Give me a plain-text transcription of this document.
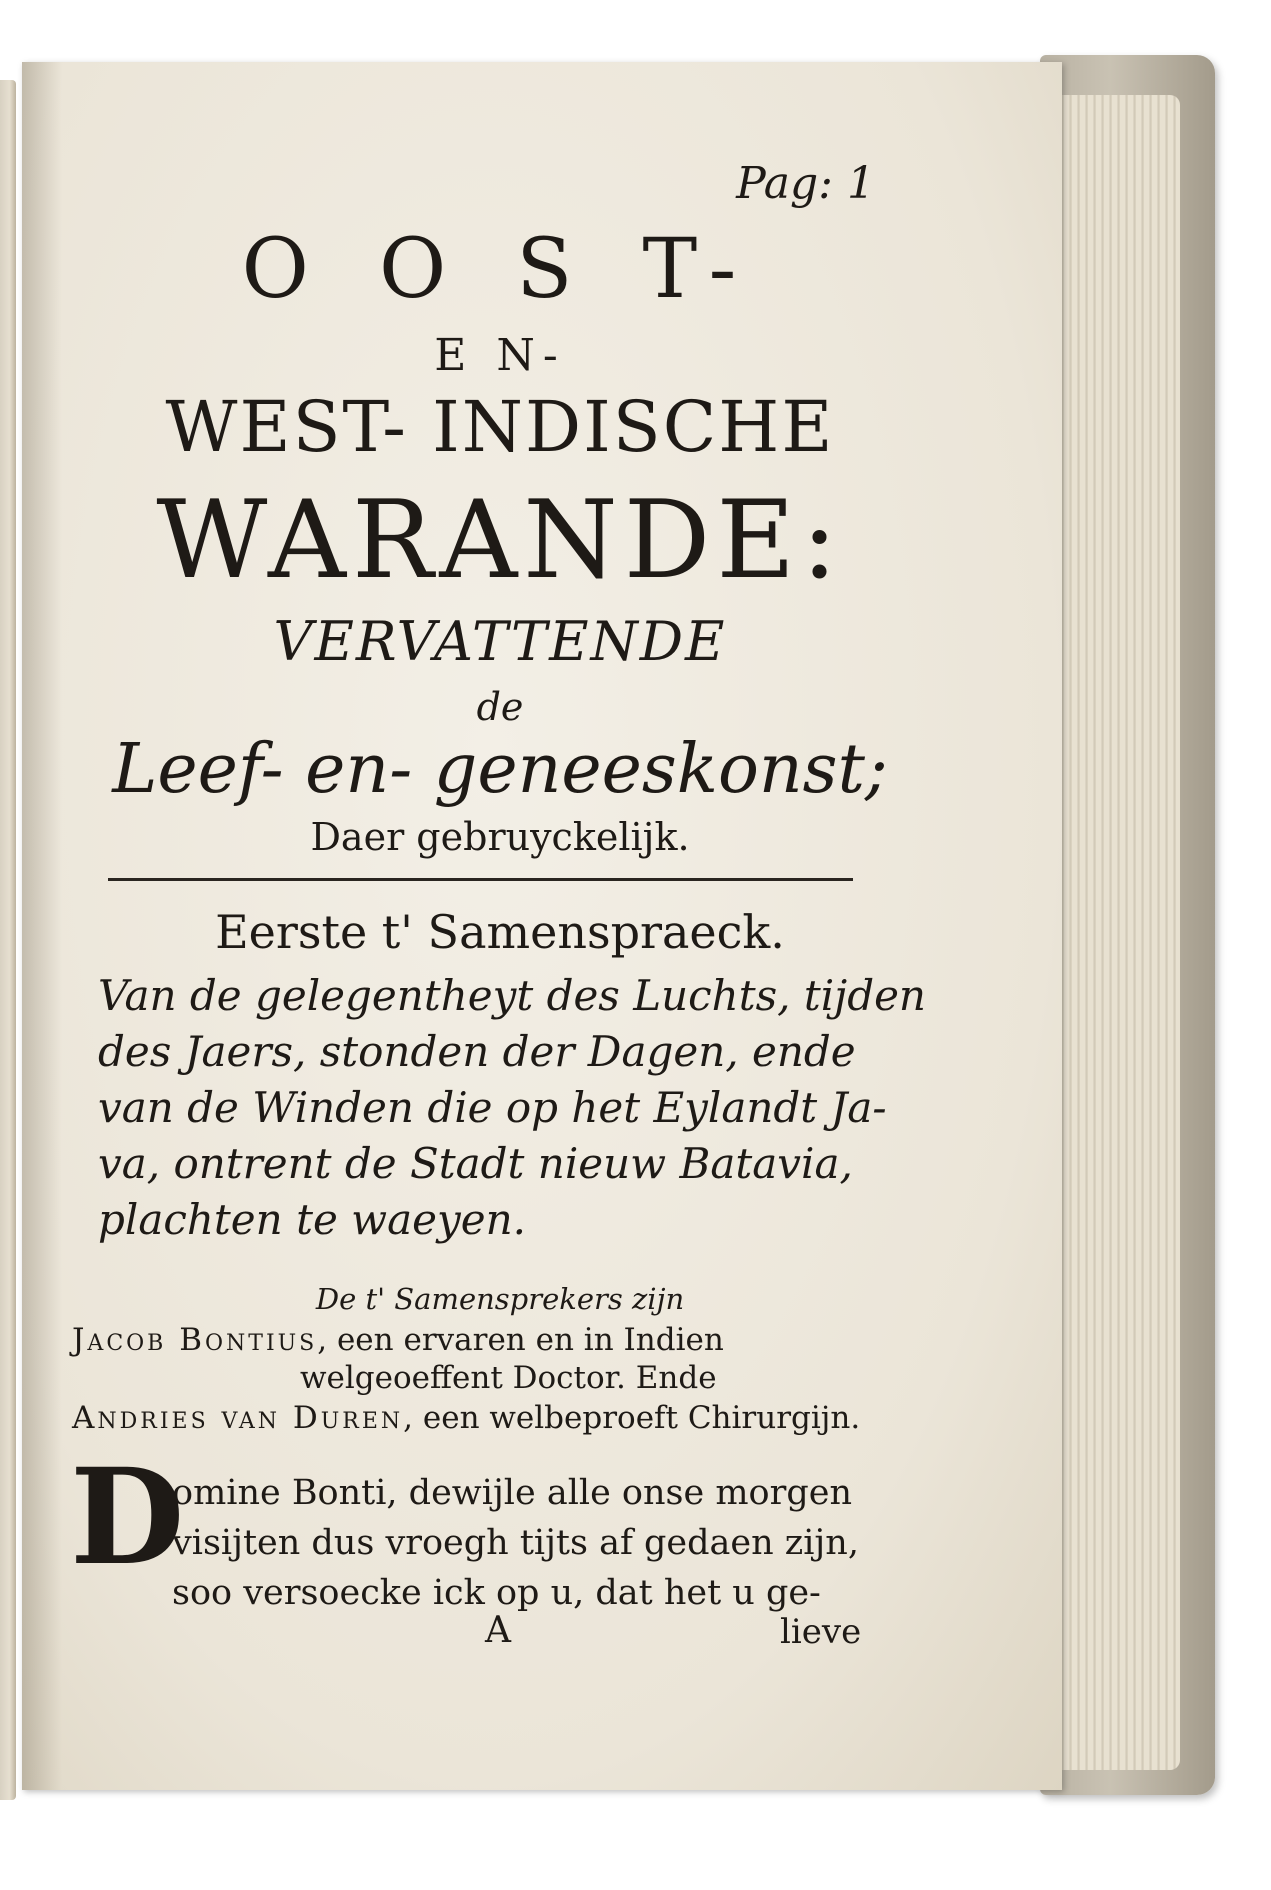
Pag: 1
O O S T-
E N-
WEST- INDISCHE
WARANDE:
VERVATTENDE
de
Leef- en- geneeskonst;
Daer gebruyckelijk.
Eerste t' Samenspraeck.
Van de gelegentheyt des Luchts, tijden
des Jaers, stonden der Dagen, ende
van de Winden die op het Eylandt Ja-
va, ontrent de Stadt nieuw Batavia,
plachten te waeyen.
De t' Samensprekers zijn
Jacob Bontius, een ervaren en in Indien
welgeoeffent Doctor. Ende
Andries van Duren, een welbeproeft Chirurgijn.
D
omine Bonti, dewijle alle onse morgen
visijten dus vroegh tijts af gedaen zijn,
soo versoecke ick op u, dat het u ge-
A	lieve
